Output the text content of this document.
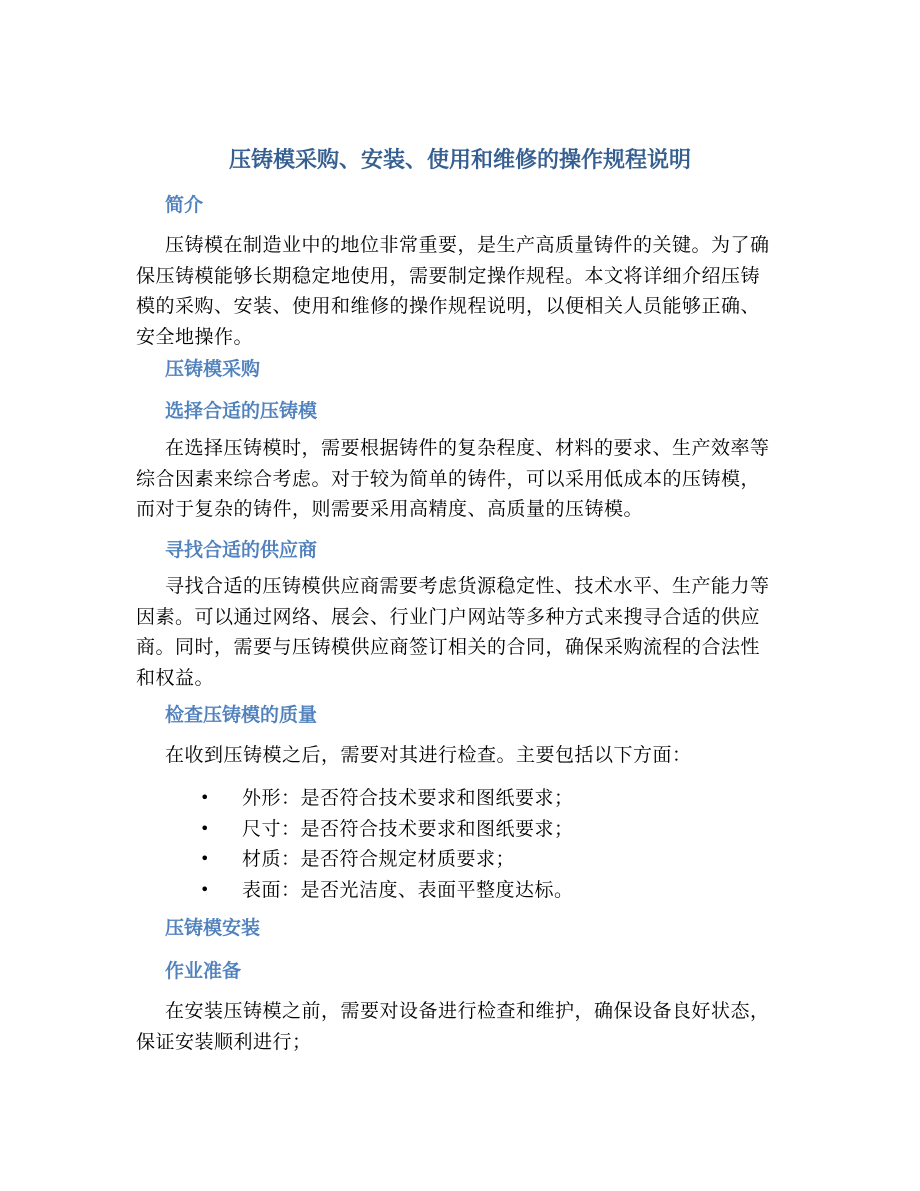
压铸模采购、安装、使用和维修的操作规程说明
简介

压铸模在制造业中的地位非常重要，是生产高质量铸件的关键。为了确保压铸模能够长期稳定地使用，需要制定操作规程。本文将详细介绍压铸模的采购、安装、使用和维修的操作规程说明，以便相关人员能够正确、安全地操作。

压铸模采购
选择合适的压铸模

在选择压铸模时，需要根据铸件的复杂程度、材料的要求、生产效率等综合因素来综合考虑。对于较为简单的铸件，可以采用低成本的压铸模，而对于复杂的铸件，则需要采用高精度、高质量的压铸模。

寻找合适的供应商

寻找合适的压铸模供应商需要考虑货源稳定性、技术水平、生产能力等因素。可以通过网络、展会、行业门户网站等多种方式来搜寻合适的供应商。同时，需要与压铸模供应商签订相关的合同，确保采购流程的合法性和权益。

检查压铸模的质量
在收到压铸模之后，需要对其进行检查。主要包括以下方面：
• 外形：是否符合技术要求和图纸要求；
• 尺寸：是否符合技术要求和图纸要求；
• 材质：是否符合规定材质要求；
• 表面：是否光洁度、表面平整度达标。
压铸模安装
作业准备

在安装压铸模之前，需要对设备进行检查和维护，确保设备良好状态，保证安装顺利进行；
